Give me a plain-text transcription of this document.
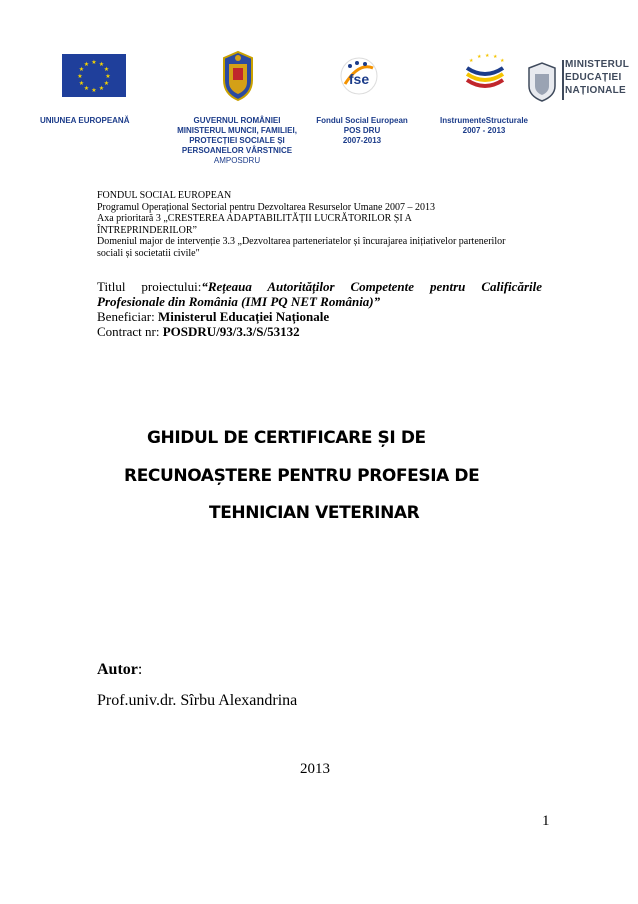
★ ★
★
★
★
★
★
★
★
★
★
★
UNIUNEA EUROPEANĂ	GUVERNUL ROMÂNIEI
MINISTERUL MUNCII, FAMILIEI,
PROTECȚIEI SOCIALE ȘI
PERSOANELOR VÂRSTNICE
AMPOSDRU
fse
Fondul Social European
POS DRU
2007-2013
★
★ ★ ★
★
InstrumenteStructurale
2007 - 2013
MINISTERUL
EDUCAȚIEI
NAȚIONALE
FONDUL SOCIAL EUROPEAN
Programul Operațional Sectorial pentru Dezvoltarea Resurselor Umane 2007 – 2013
Axa prioritară 3 „CRESTEREA ADAPTABILITĂȚII LUCRĂTORILOR ȘI A
ÎNTREPRINDERILOR”
Domeniul major de intervenție 3.3 „Dezvoltarea parteneriatelor și încurajarea inițiativelor partenerilor
sociali și societatii civile"
Titlul proiectului:“Rețeaua Autorităților Competente pentru Calificările
Profesionale din România (IMI PQ NET România)”
Beneficiar: Ministerul Educației Naționale
Contract nr: POSDRU/93/3.3/S/53132
GHIDUL DE CERTIFICARE ȘI DE
RECUNOAȘTERE PENTRU PROFESIA DE
TEHNICIAN VETERINAR
Autor:
Prof.univ.dr. Sîrbu Alexandrina
2013
1
